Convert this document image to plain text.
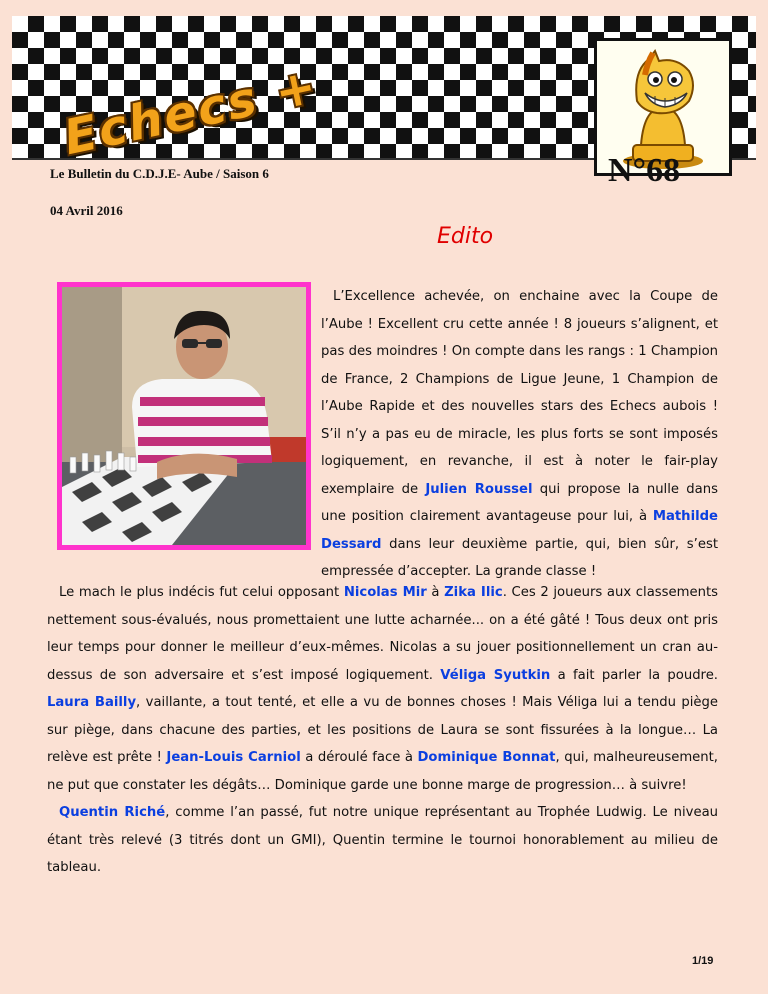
Echecs +
Le Bulletin du C.D.J.E- Aube / Saison 6	N°68
04 Avril 2016
Edito

L’Excellence achevée, on enchaine avec la Coupe de l’Aube ! Excellent cru cette année ! 8 joueurs s’alignent, et pas des moindres ! On compte dans les rangs : 1 Champion de France, 2 Champions de Ligue Jeune, 1 Champion de l’Aube Rapide et des nouvelles stars des Echecs aubois ! S’il n’y a pas eu de miracle, les plus forts se sont imposés logiquement, en revanche, il est à noter le fair-play exemplaire de Julien Roussel qui propose la nulle dans une position clairement avantageuse pour lui, à Mathilde Dessard dans leur deuxième partie, qui, bien sûr, s’est empressée d’accepter. La grande classe !

Le mach le plus indécis fut celui opposant Nicolas Mir à Zika Ilic. Ces 2 joueurs aux classements nettement sous-évalués, nous promettaient une lutte acharnée... on a été gâté ! Tous deux ont pris leur temps pour donner le meilleur d’eux-mêmes. Nicolas a su jouer positionnellement un cran au-dessus de son adversaire et s’est imposé logiquement. Véliga Syutkin a fait parler la poudre. Laura Bailly, vaillante, a tout tenté, et elle a vu de bonnes choses ! Mais Véliga lui a tendu piège sur piège, dans chacune des parties, et les positions de Laura se sont fissurées à la longue… La relève est prête ! Jean-Louis Carniol a déroulé face à Dominique Bonnat, qui, malheureusement, ne put que constater les dégâts… Dominique garde une bonne marge de progression… à suivre!

Quentin Riché, comme l’an passé, fut notre unique représentant au Trophée Ludwig. Le niveau étant très relevé (3 titrés dont un GMI), Quentin termine le tournoi honorablement au milieu de tableau.

1/19
